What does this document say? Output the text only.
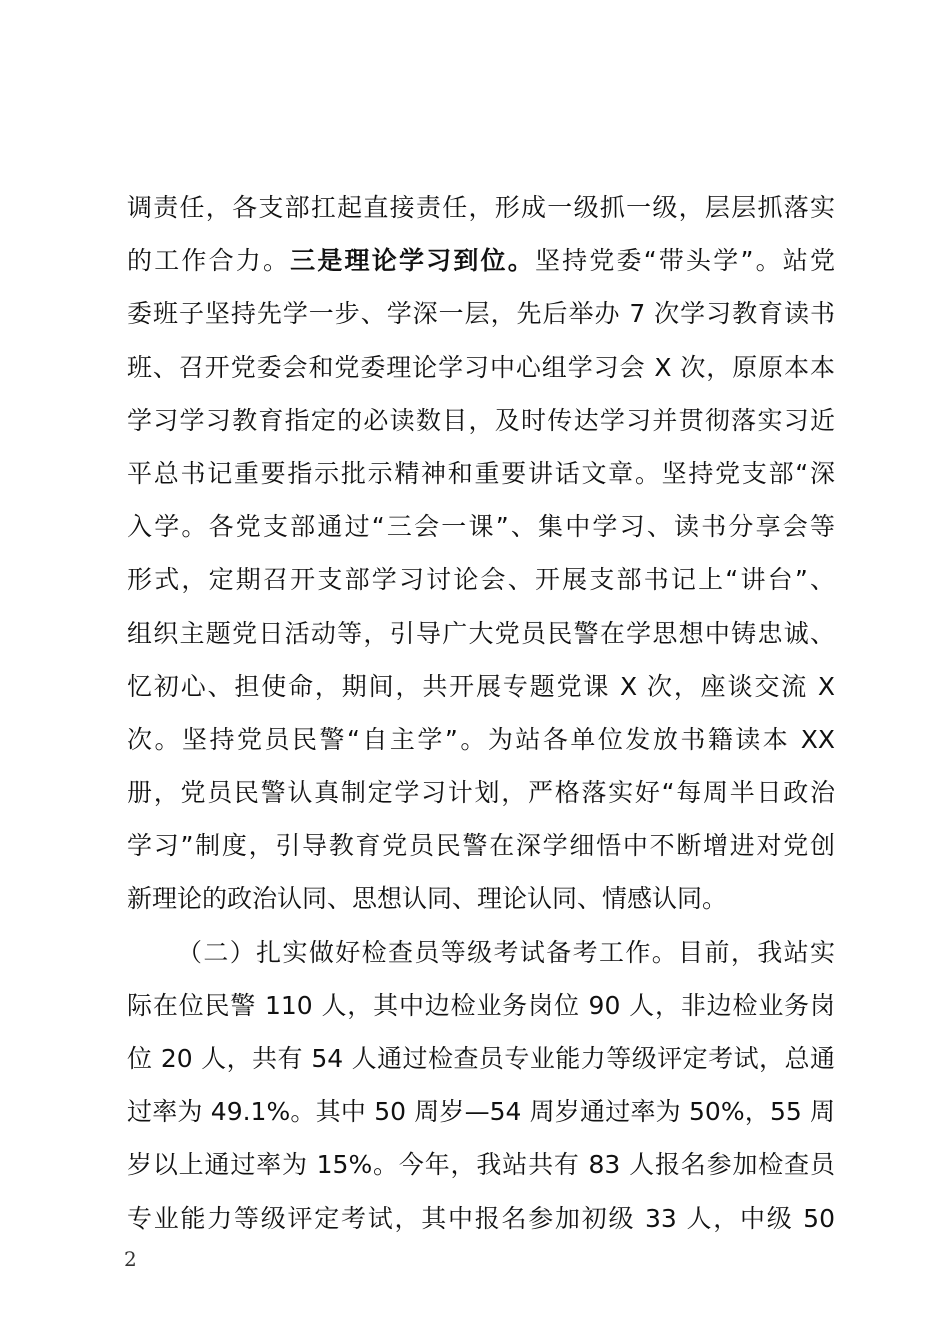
调责任，各支部扛起直接责任，形成一级抓一级，层层抓落实
的工作合力。三是理论学习到位。坚持党委“带头学”。站党
委班子坚持先学一步、学深一层，先后举办 7 次学习教育读书
班、召开党委会和党委理论学习中心组学习会 X 次，原原本本
学习学习教育指定的必读数目，及时传达学习并贯彻落实习近
平总书记重要指示批示精神和重要讲话文章。坚持党支部“深
入学。各党支部通过“三会一课”、集中学习、读书分享会等
形式，定期召开支部学习讨论会、开展支部书记上“讲台”、
组织主题党日活动等，引导广大党员民警在学思想中铸忠诚、
忆初心、担使命，期间，共开展专题党课 X 次，座谈交流 X
次。坚持党员民警“自主学”。为站各单位发放书籍读本 XX
册，党员民警认真制定学习计划，严格落实好“每周半日政治
学习”制度，引导教育党员民警在深学细悟中不断增进对党创
新理论的政治认同、思想认同、理论认同、情感认同。
（二）扎实做好检查员等级考试备考工作。目前，我站实
际在位民警 110 人，其中边检业务岗位 90 人，非边检业务岗
位 20 人，共有 54 人通过检查员专业能力等级评定考试，总通
过率为 49.1%。其中 50 周岁—54 周岁通过率为 50%，55 周
岁以上通过率为 15%。今年，我站共有 83 人报名参加检查员
专业能力等级评定考试，其中报名参加初级 33 人，中级 50
2
